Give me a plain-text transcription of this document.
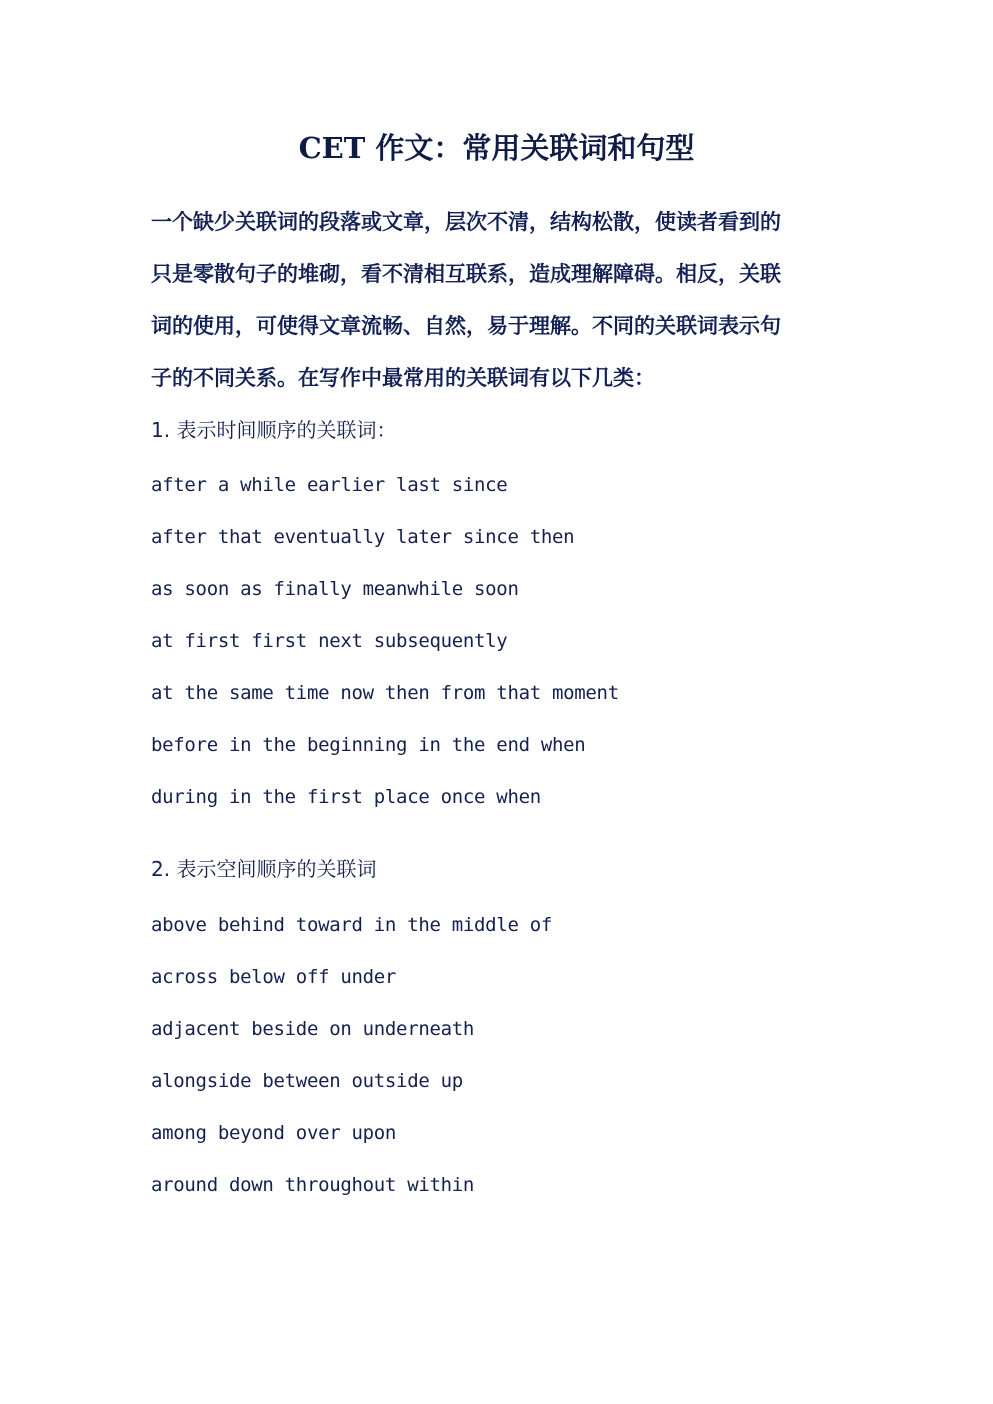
CET 作文：常用关联词和句型
一个缺少关联词的段落或文章，层次不清，结构松散，使读者看到的
只是零散句子的堆砌，看不清相互联系，造成理解障碍。相反，关联
词的使用，可使得文章流畅、自然，易于理解。不同的关联词表示句
子的不同关系。在写作中最常用的关联词有以下几类：
1. 表示时间顺序的关联词：
after a while earlier last since
after that eventually later since then
as soon as finally meanwhile soon
at first first next subsequently
at the same time now then from that moment
before in the beginning in the end when
during in the first place once when
2. 表示空间顺序的关联词
above behind toward in the middle of
across below off under
adjacent beside on underneath
alongside between outside up
among beyond over upon
around down throughout within
